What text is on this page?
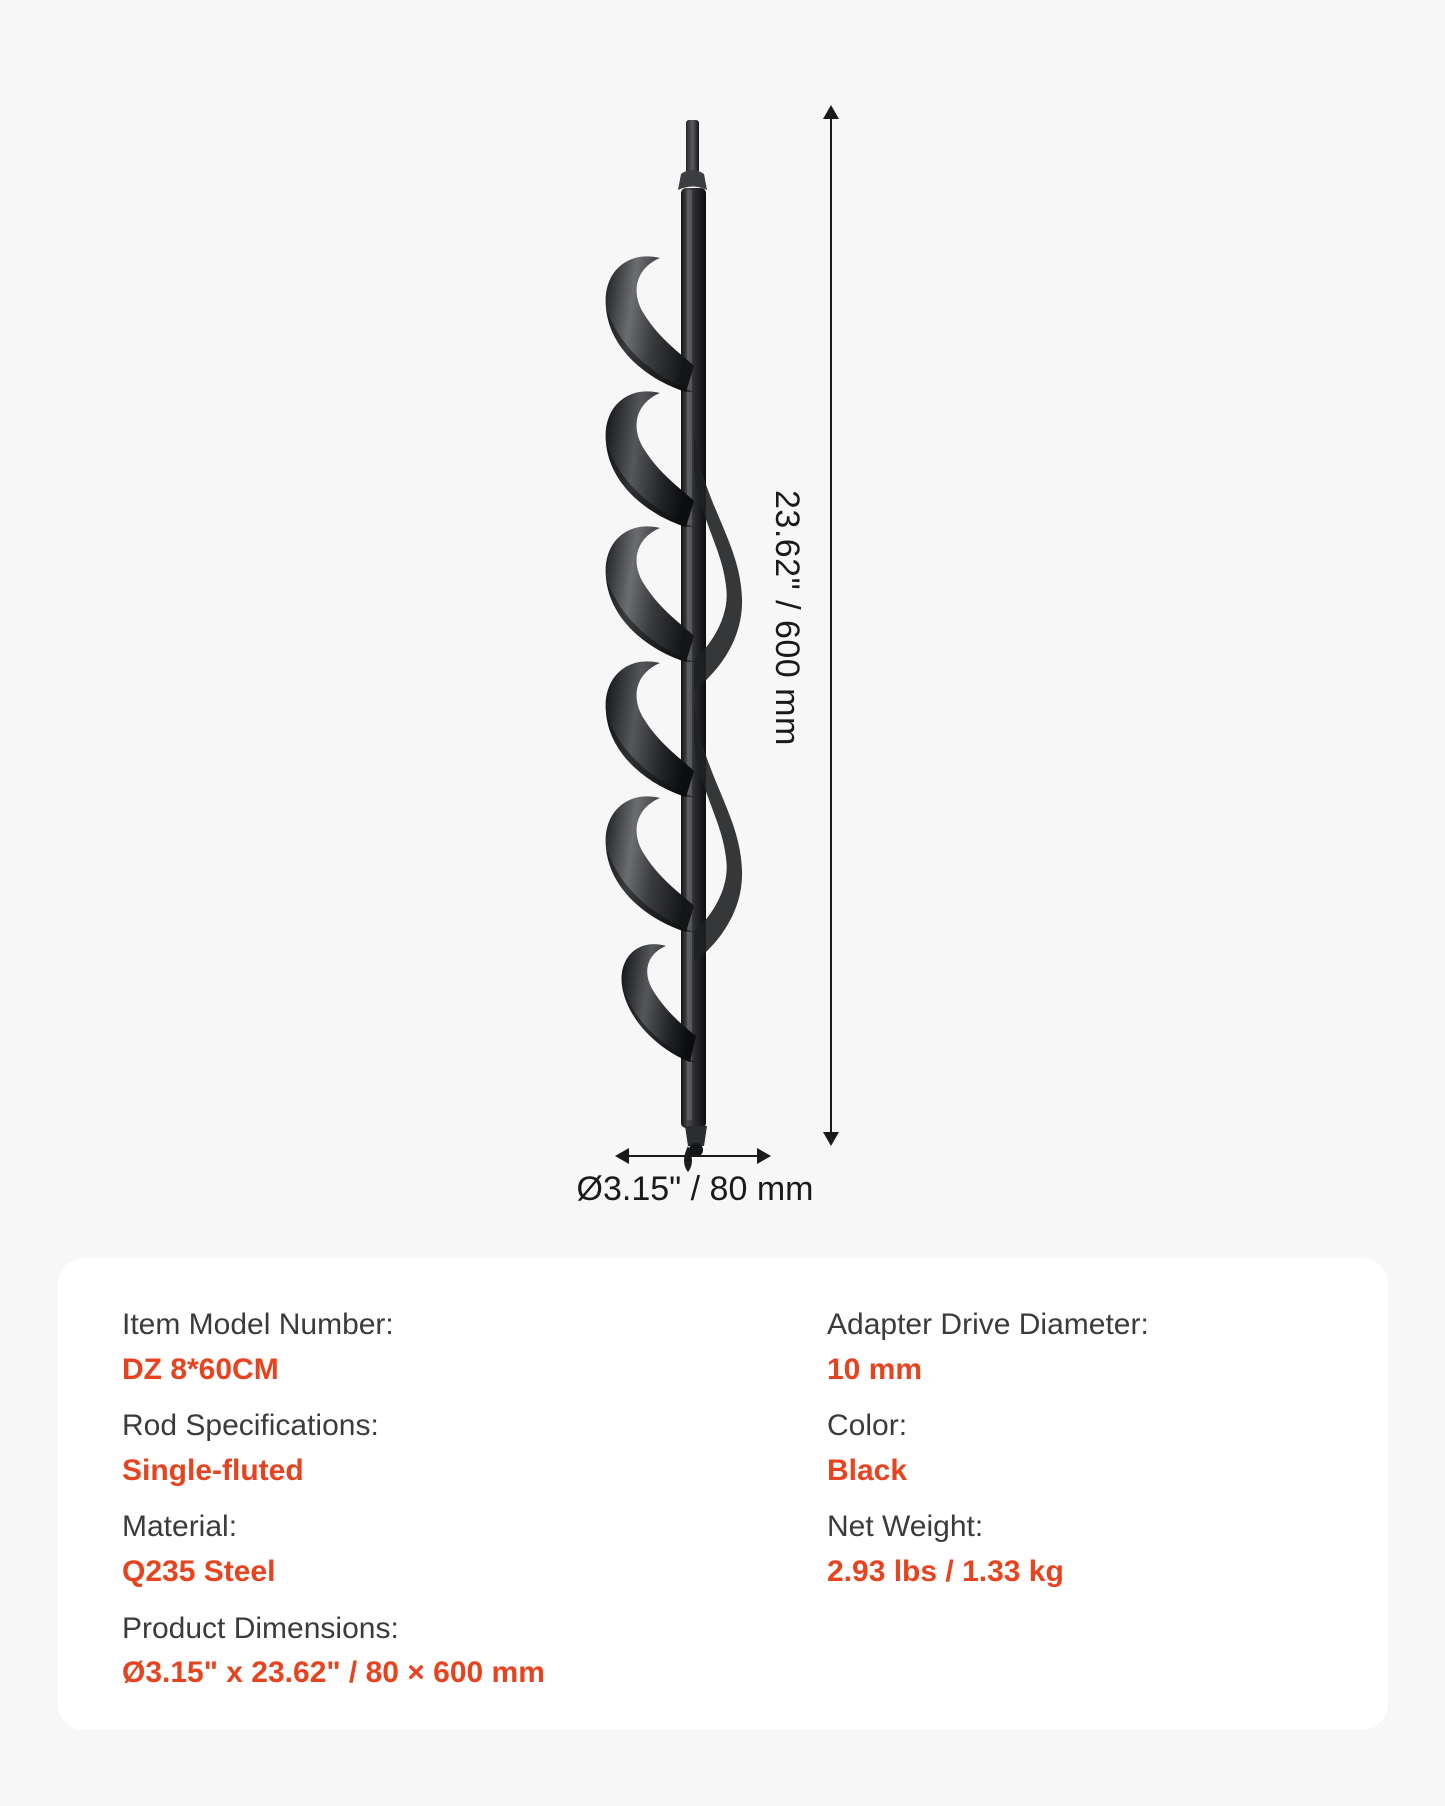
23.62" / 600 mm
Ø3.15" / 80 mm

Item Model Number:

DZ 8*60CM

Rod Specifications:

Single-fluted

Material:

Q235 Steel

Product Dimensions:

Ø3.15" x 23.62" / 80 × 600 mm

Adapter Drive Diameter:

10 mm

Color:

Black

Net Weight:

2.93 lbs / 1.33 kg
